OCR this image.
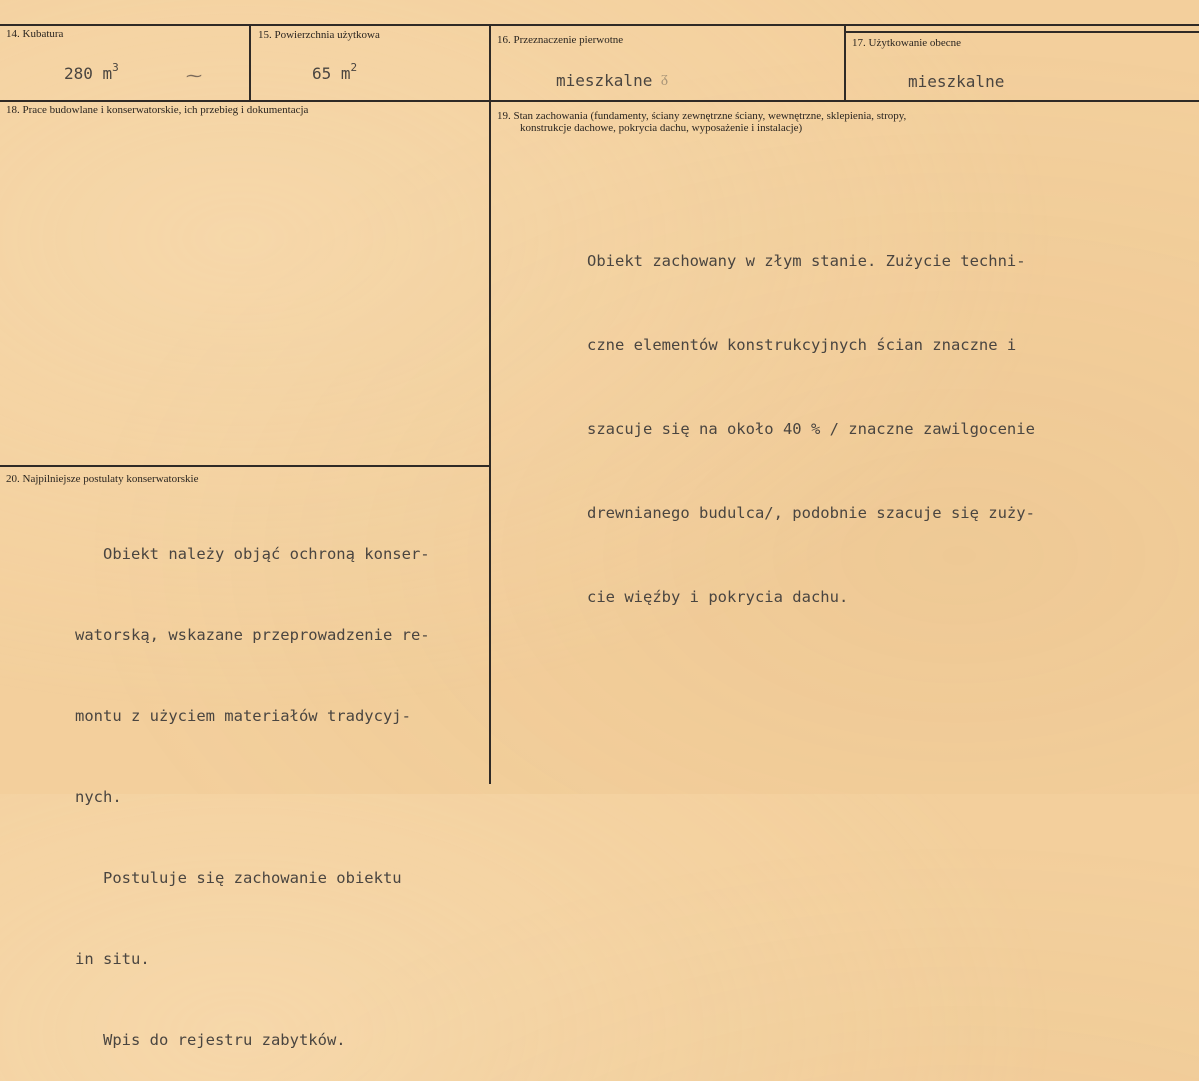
14. Kubatura
280 $m^3$
⁓
15. Powierzchnia użytkowa
65 $m^2$
16. Przeznaczenie pierwotne
mieszkalne ᵹ
17. Użytkowanie obecne
mieszkalne
18. Prace budowlane i konserwatorskie, ich przebieg i dokumentacja	19. Stan zachowania (fundamenty, ściany zewnętrzne ściany, wewnętrzne, sklepienia, stropy,
konstrukcje dachowe, pokrycia dachu, wyposażenie i instalacje)

Obiekt zachowany w złym stanie. Zużycie techni-

czne elementów konstrukcyjnych ścian znaczne i

szacuje się na około 40 % / znaczne zawilgocenie

drewnianego budulca/, podobnie szacuje się zuży-

cie więźby i pokrycia dachu.

20. Najpilniejsze postulaty konserwatorskie

Obiekt należy objąć ochroną konser-

watorską, wskazane przeprowadzenie re-

montu z użyciem materiałów tradycyj-

nych.

Postuluje się zachowanie obiektu

in situ.

Wpis do rejestru zabytków.
